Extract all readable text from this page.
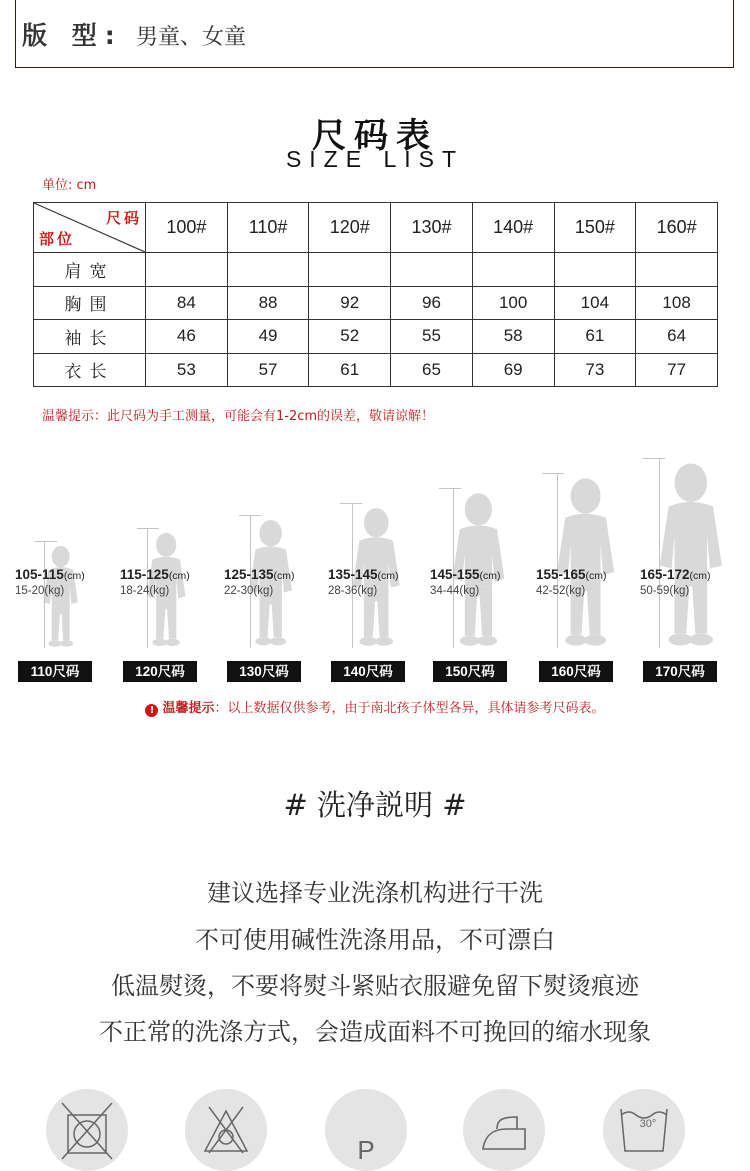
版 型: 男童、女童
尺码表
SIZE LIST
单位: cm
尺码
部位	100#	110#	120#	130#	140#	150#	160#
肩宽							
胸围	84	88	92	96	100	104	108
袖长	46	49	52	55	58	61	64
衣长	53	57	61	65	69	73	77
温馨提示：此尺码为手工测量，可能会有1-2cm的误差，敬请谅解！
105-115(cm)
15-20(kg)
110尺码
115-125(cm)
18-24(kg)
120尺码
125-135(cm)
22-30(kg)
130尺码
135-145(cm)
28-36(kg)
140尺码
145-155(cm)
34-44(kg)
150尺码
155-165(cm)
42-52(kg)
160尺码
165-172(cm)
50-59(kg)
170尺码
! 温馨提示：以上数据仅供参考，由于南北孩子体型各异，具体请参考尺码表。
# 洗净説明 #
建议选择专业洗涤机构进行干洗
不可使用碱性洗涤用品，不可漂白
低温熨烫，不要将熨斗紧贴衣服避免留下熨烫痕迹
不正常的洗涤方式，会造成面料不可挽回的缩水现象
P
30°
